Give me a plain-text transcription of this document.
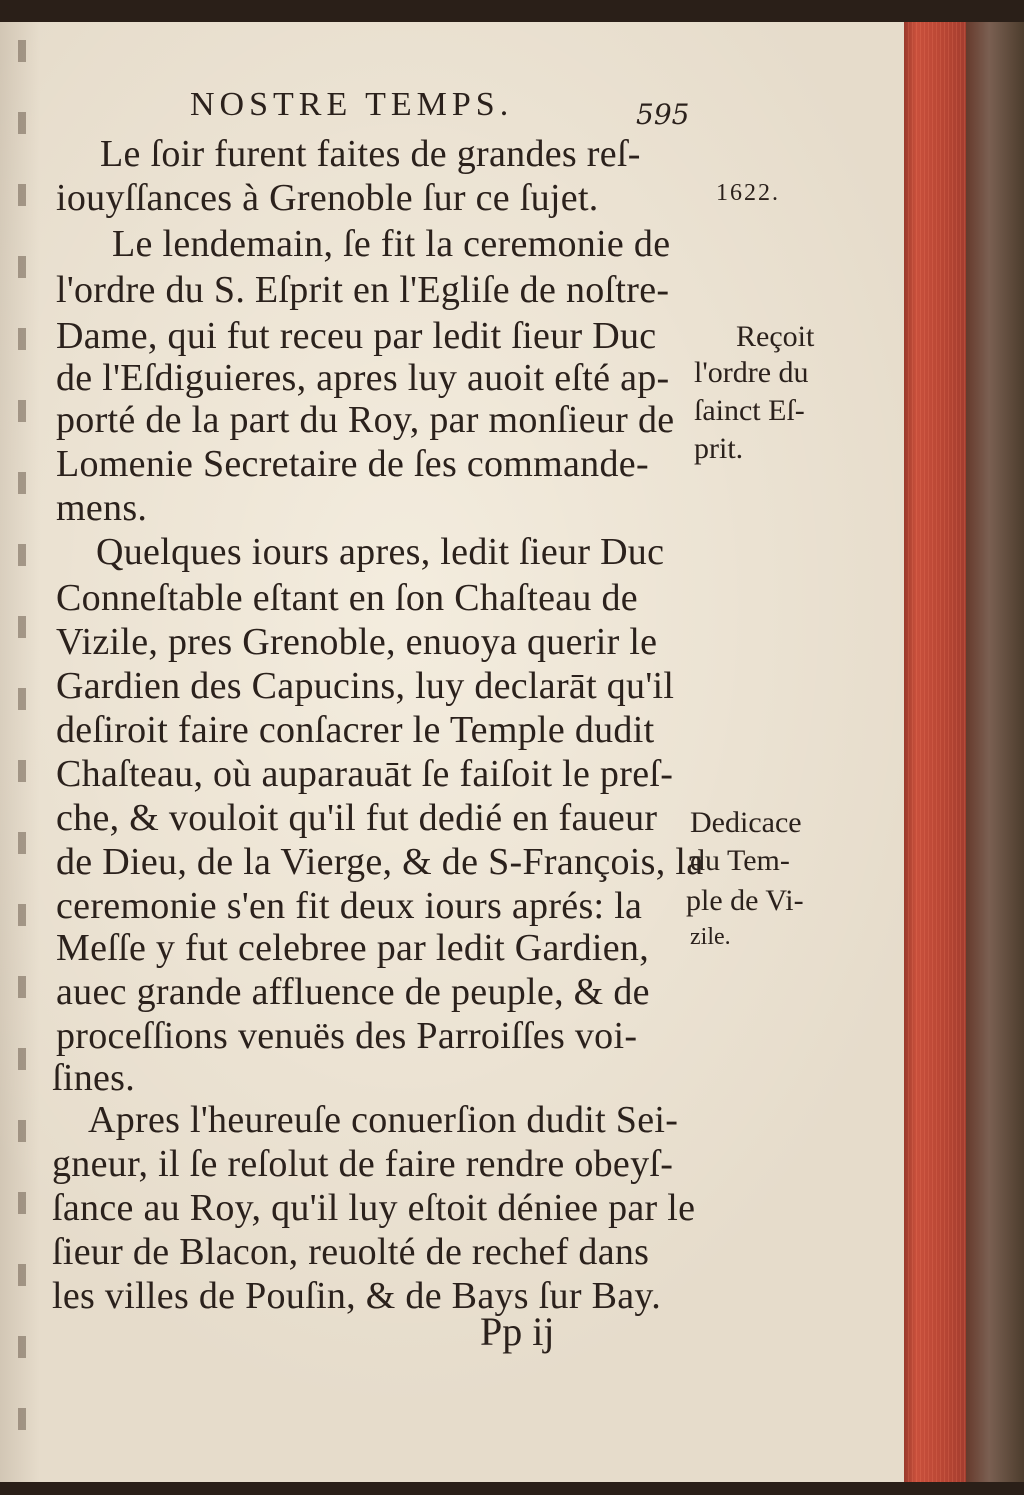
NOSTRE TEMPS.	595
Le ſoir furent faites de grandes reſ-
iouyſſances à Grenoble ſur ce ſujet.	1622.
Le lendemain, ſe fit la ceremonie de
l'ordre du S. Eſprit en l'Egliſe de noſtre-
Dame, qui fut receu par ledit ſieur Duc
de l'Eſdiguieres, apres luy auoit eſté ap-
porté de la part du Roy, par monſieur de
Lomenie Secretaire de ſes commande-
mens.
Reçoit
l'ordre du
ſainct Eſ-
prit.
Quelques iours apres, ledit ſieur Duc
Conneſtable eſtant en ſon Chaſteau de
Vizile, pres Grenoble, enuoya querir le
Gardien des Capucins, luy declarāt qu'il
deſiroit faire conſacrer le Temple dudit
Chaſteau, où auparauāt ſe faiſoit le preſ-
che, & vouloit qu'il fut dedié en faueur
de Dieu, de la Vierge, & de S-François, la
ceremonie s'en fit deux iours aprés: la
Meſſe y fut celebree par ledit Gardien,
auec grande affluence de peuple, & de
proceſſions venuës des Parroiſſes voi-
ſines.
Dedicace
du Tem-
ple de Vi-
zile.
Apres l'heureuſe conuerſion dudit Sei-
gneur, il ſe reſolut de faire rendre obeyſ-
ſance au Roy, qu'il luy eſtoit déniee par le
ſieur de Blacon, reuolté de rechef dans
les villes de Pouſin, & de Bays ſur Bay.
Pp ij
